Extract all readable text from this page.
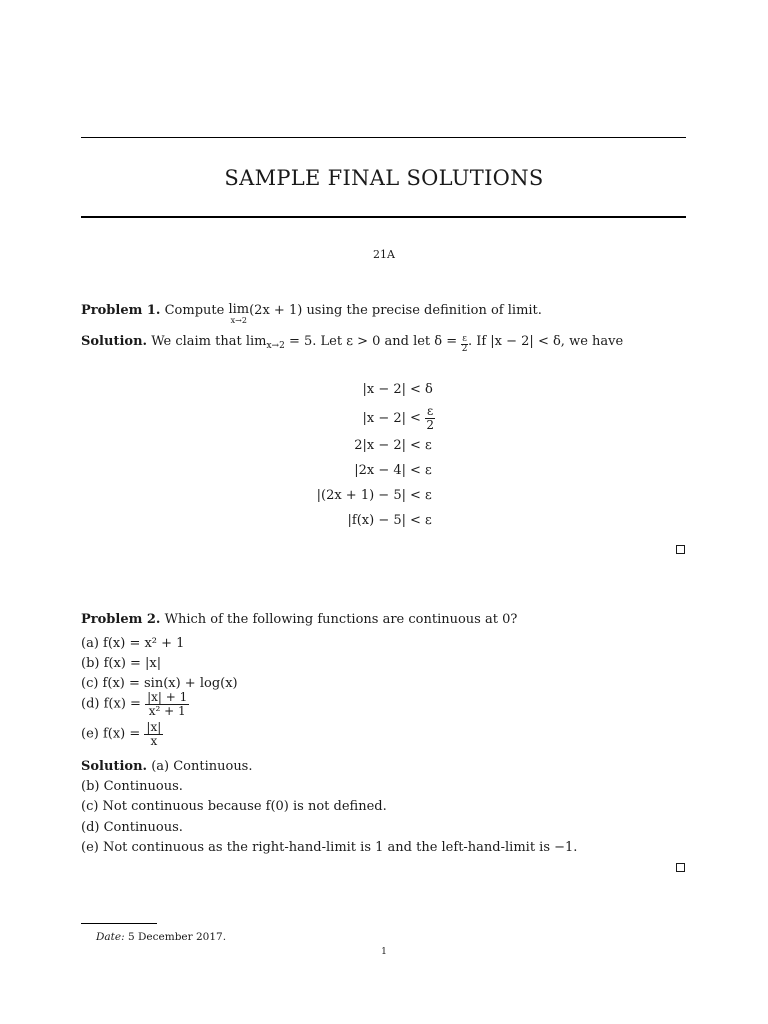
SAMPLE FINAL SOLUTIONS
21A
Problem 1. Compute lim
x→2
(2x + 1) using the precise definition of limit.
Solution. We claim that $\lim_{x\to 2} = 5$. Let ε > 0 and let $\delta = \frac{\varepsilon}{2}$ . If |x − 2| < δ, we have
|x − 2| < δ
$|x - 2| < \frac{\varepsilon}{2}$
2|x − 2| < ε
|2x − 4| < ε
|(2x + 1) − 5| < ε
|f(x) − 5| < ε
Problem 2. Which of the following functions are continuous at 0?
(a) f(x) = x² + 1
(b) f(x) = |x|
(c) f(x) = sin(x) + log(x)
(d) $f(x) = \frac{|x| + 1}{\text{x² + 1}}$
(e) $f(x) = \frac{|x|}{x}$
Solution. (a) Continuous.
(b) Continuous.
(c) Not continuous because f(0) is not defined.
(d) Continuous.
(e) Not continuous as the right-hand-limit is 1 and the left-hand-limit is −1.
Date: 5 December 2017.
1
